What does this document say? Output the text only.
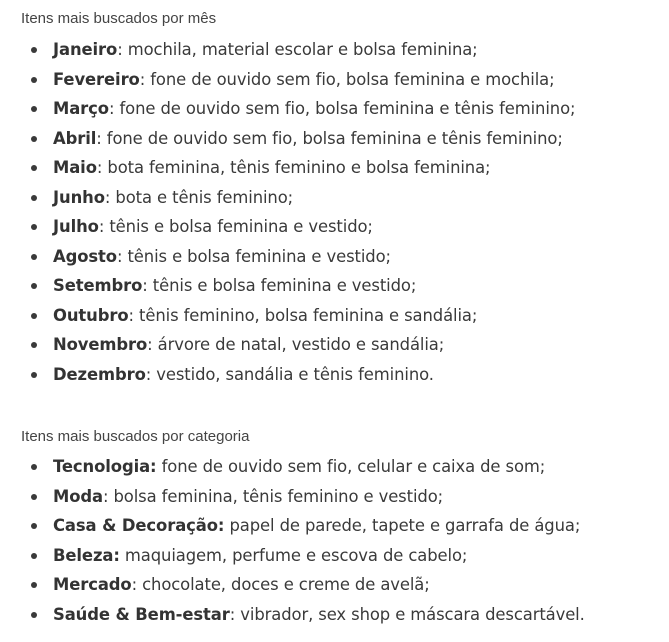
Itens mais buscados por mês

Janeiro: mochila, material escolar e bolsa feminina;
Fevereiro: fone de ouvido sem fio, bolsa feminina e mochila;
Março: fone de ouvido sem fio, bolsa feminina e tênis feminino;
Abril: fone de ouvido sem fio, bolsa feminina e tênis feminino;
Maio: bota feminina, tênis feminino e bolsa feminina;
Junho: bota e tênis feminino;
Julho: tênis e bolsa feminina e vestido;
Agosto: tênis e bolsa feminina e vestido;
Setembro: tênis e bolsa feminina e vestido;
Outubro: tênis feminino, bolsa feminina e sandália;
Novembro: árvore de natal, vestido e sandália;
Dezembro: vestido, sandália e tênis feminino.

Itens mais buscados por categoria

Tecnologia: fone de ouvido sem fio, celular e caixa de som;
Moda: bolsa feminina, tênis feminino e vestido;
Casa & Decoração: papel de parede, tapete e garrafa de água;
Beleza: maquiagem, perfume e escova de cabelo;
Mercado: chocolate, doces e creme de avelã;
Saúde & Bem-estar: vibrador, sex shop e máscara descartável.
